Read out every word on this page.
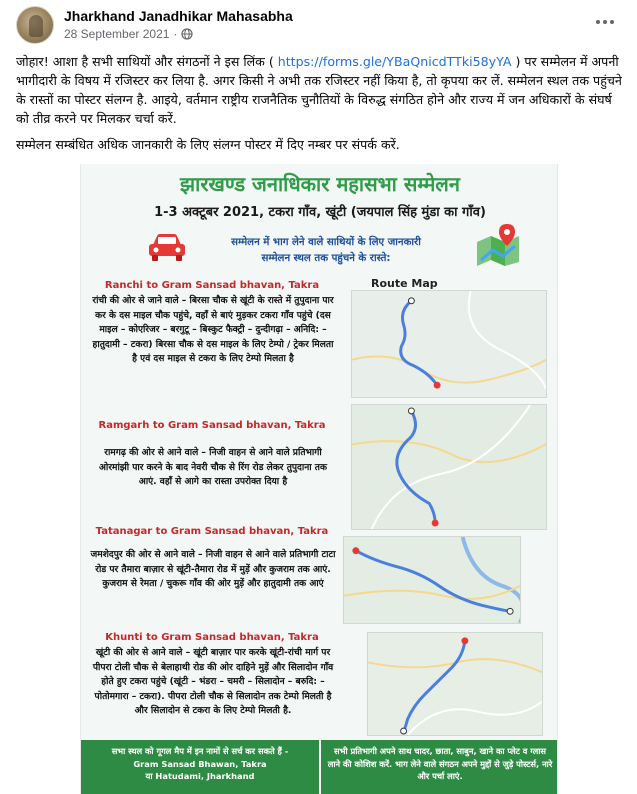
Jharkhand Janadhikar Mahasabha
28 September 2021 ·

जोहार! आशा है सभी साथियों और संगठनों ने इस लिंक ( https://forms.gle/YBaQnicdTTki58yYA ) पर सम्मेलन में अपनी भागीदारी के विषय में रजिस्टर कर लिया है. अगर किसी ने अभी तक रजिस्टर नहीं किया है, तो कृपया कर लें. सम्मेलन स्थल तक पहुंचने के रास्तों का पोस्टर संलग्न है. आइये, वर्तमान राष्ट्रीय राजनैतिक चुनौतियों के विरुद्ध संगठित होने और राज्य में जन अधिकारों के संघर्ष को तीव्र करने पर मिलकर चर्चा करें.

सम्मेलन सम्बंधित अधिक जानकारी के लिए संलग्न पोस्टर में दिए नम्बर पर संपर्क करें.

झारखण्ड जनाधिकार महासभा सम्मेलन
1-3 अक्टूबर 2021, टकरा गाँव, खूंटी (जयपाल सिंह मुंडा का गाँव)
सम्मेलन में भाग लेने वाले साथियों के लिए जानकारी
सम्मेलन स्थल तक पहुंचने के रास्ते:
Route Map
Ranchi to Gram Sansad bhavan, Takra
रांची की ओर से जाने वाले – बिरसा चौक से खूंटी के रास्ते में तुपुदाना पार कर के दस माइल चौक पहुंचे, वहाँ से बाएं मुड़कर टकरा गाँव पहुंचे (दस माइल – कोएरिजर – बरगुटू – बिस्कुट फैक्ट्री – दुन्दीगढ़ा – अनिदि: – हातुदामी – टकरा) बिरसा चौक से दस माइल के लिए टेम्पो / ट्रेकर मिलता है एवं दस माइल से टकरा के लिए टेम्पो मिलता है
Ramgarh to Gram Sansad bhavan, Takra
रामगढ़ की ओर से आने वाले – निजी वाहन से आने वाले प्रतिभागी ओरमांझी पार करने के बाद नेवरी चौक से रिंग रोड लेकर तुपुदाना तक आएं. वहाँ से आगे का रास्ता उपरोक्त दिया है
Tatanagar to Gram Sansad bhavan, Takra
जमशेदपुर की ओर से आने वाले – निजी वाहन से आने वाले प्रतिभागी टाटा रोड पर तैमारा बाज़ार से खूंटी-तैमारा रोड में मुड़ें और कुजराम तक आएं. कुजराम से रेमता / चुकरू गाँव की ओर मुड़ें और हातुदामी तक आएं
Khunti to Gram Sansad bhavan, Takra
खूंटी की ओर से आने वाले – खूंटी बाज़ार पार करके खूंटी-रांची मार्ग पर पीपरा टोली चौक से बेलाहाथी रोड की ओर दाहिने मुड़ें और सिलादोन गाँव होते हुए टकरा पहुंचे (खूंटी – भंडरा – चमरी – सिलादोन – बरुदि: – पोतोमगारा – टकरा). पीपरा टोली चौक से सिलादोन तक टेम्पो मिलती है और सिलादोन से टकरा के लिए टेम्पो मिलती है.
सभा स्थल को गूगल मैप में इन नामों से सर्च कर सकते हैं -
Gram Sansad Bhawan, Takra
या Hatudami, Jharkhand
सभी प्रतिभागी अपने साथ चादर, छाता, साबुन, खाने का प्लेट व ग्लास लाने की कोशिश करें. भाग लेने वाले संगठन अपने मुद्दों से जुड़े पोस्टर्स, नारे और पर्चा लाएं.
